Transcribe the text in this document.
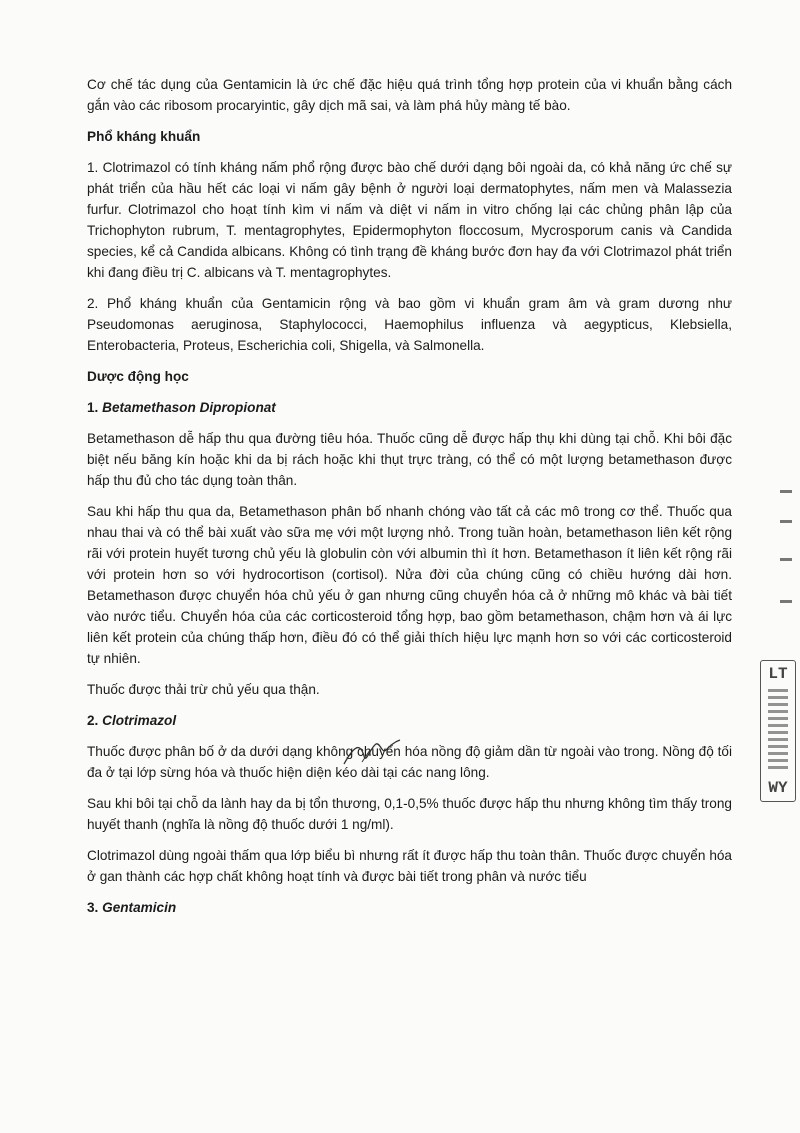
Cơ chế tác dụng của Gentamicin là ức chế đặc hiệu quá trình tổng hợp protein của vi khuẩn bằng cách gắn vào các ribosom procaryintic, gây dịch mã sai, và làm phá hủy màng tế bào.

Phổ kháng khuẩn

1. Clotrimazol có tính kháng nấm phổ rộng được bào chế dưới dạng bôi ngoài da, có khả năng ức chế sự phát triển của hầu hết các loại vi nấm gây bệnh ở người loại dermatophytes, nấm men và Malassezia furfur. Clotrimazol cho hoạt tính kìm vi nấm và diệt vi nấm in vitro chống lại các chủng phân lập của Trichophyton rubrum, T. mentagrophytes, Epidermophyton floccosum, Mycrosporum canis và Candida species, kể cả Candida albicans. Không có tình trạng đề kháng bước đơn hay đa với Clotrimazol phát triển khi đang điều trị C. albicans và T. mentagrophytes.

2. Phổ kháng khuẩn của Gentamicin rộng và bao gồm vi khuẩn gram âm và gram dương như Pseudomonas aeruginosa, Staphylococci, Haemophilus influenza và aegypticus, Klebsiella, Enterobacteria, Proteus, Escherichia coli, Shigella, và Salmonella.

Dược động học
1. Betamethason Dipropionat

Betamethason dễ hấp thu qua đường tiêu hóa. Thuốc cũng dễ được hấp thụ khi dùng tại chỗ. Khi bôi đặc biệt nếu băng kín hoặc khi da bị rách hoặc khi thụt trực tràng, có thể có một lượng betamethason được hấp thu đủ cho tác dụng toàn thân.

Sau khi hấp thu qua da, Betamethason phân bố nhanh chóng vào tất cả các mô trong cơ thể. Thuốc qua nhau thai và có thể bài xuất vào sữa mẹ với một lượng nhỏ. Trong tuần hoàn, betamethason liên kết rộng rãi với protein huyết tương chủ yếu là globulin còn với albumin thì ít hơn. Betamethason ít liên kết rộng rãi với protein hơn so với hydrocortison (cortisol). Nửa đời của chúng cũng có chiều hướng dài hơn. Betamethason được chuyển hóa chủ yếu ở gan nhưng cũng chuyển hóa cả ở những mô khác và bài tiết vào nước tiểu. Chuyển hóa của các corticosteroid tổng hợp, bao gồm betamethason, chậm hơn và ái lực liên kết protein của chúng thấp hơn, điều đó có thể giải thích hiệu lực mạnh hơn so với các corticosteroid tự nhiên.

Thuốc được thải trừ chủ yếu qua thận.

2. Clotrimazol

Thuốc được phân bố ở da dưới dạng không chuyển hóa nồng độ giảm dần từ ngoài vào trong. Nồng độ tối đa ở tại lớp sừng hóa và thuốc hiện diện kéo dài tại các nang lông.

Sau khi bôi tại chỗ da lành hay da bị tổn thương, 0,1-0,5% thuốc được hấp thu nhưng không tìm thấy trong huyết thanh (nghĩa là nồng độ thuốc dưới 1 ng/ml).

Clotrimazol dùng ngoài thấm qua lớp biểu bì nhưng rất ít được hấp thu toàn thân. Thuốc được chuyển hóa ở gan thành các hợp chất không hoạt tính và được bài tiết trong phân và nước tiểu

3. Gentamicin
LT
WY
